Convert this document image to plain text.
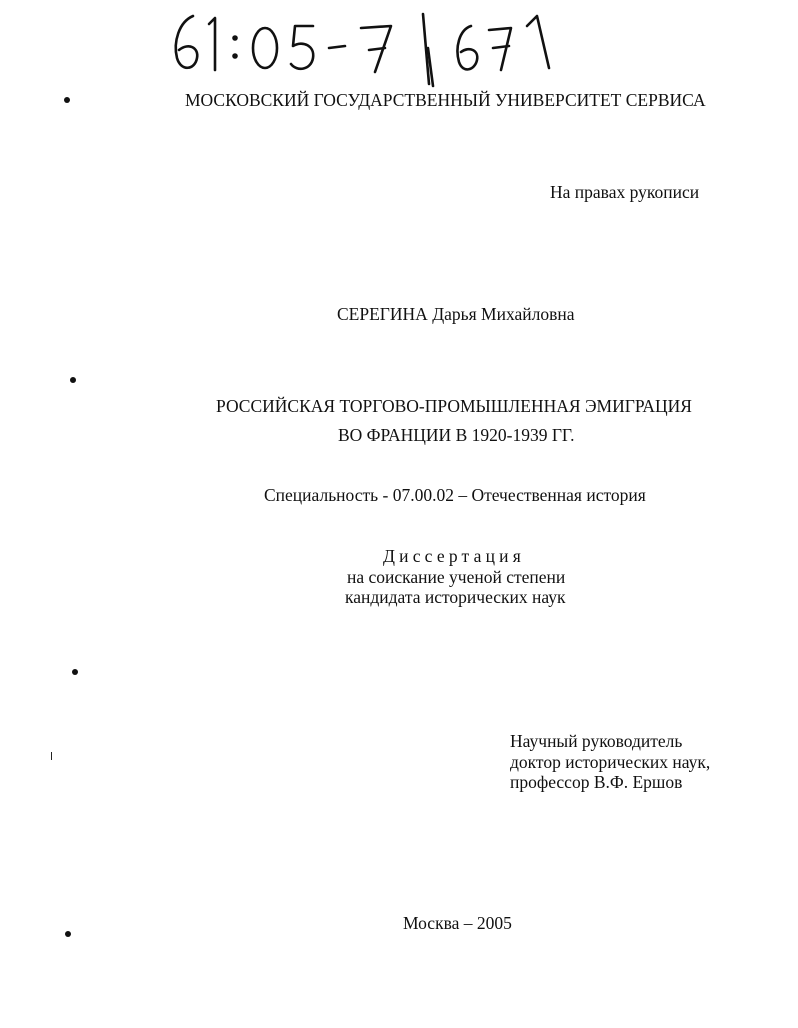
МОСКОВСКИЙ ГОСУДАРСТВЕННЫЙ УНИВЕРСИТЕТ СЕРВИСА
На правах рукописи
СЕРЕГИНА Дарья Михайловна
РОССИЙСКАЯ ТОРГОВО-ПРОМЫШЛЕННАЯ ЭМИГРАЦИЯ
ВО ФРАНЦИИ В 1920-1939 ГГ.
Специальность - 07.00.02 – Отечественная история
Диссертация
на соискание ученой степени
кандидата исторических наук
Научный руководитель
доктор исторических наук,
профессор В.Ф. Ершов
Москва – 2005
